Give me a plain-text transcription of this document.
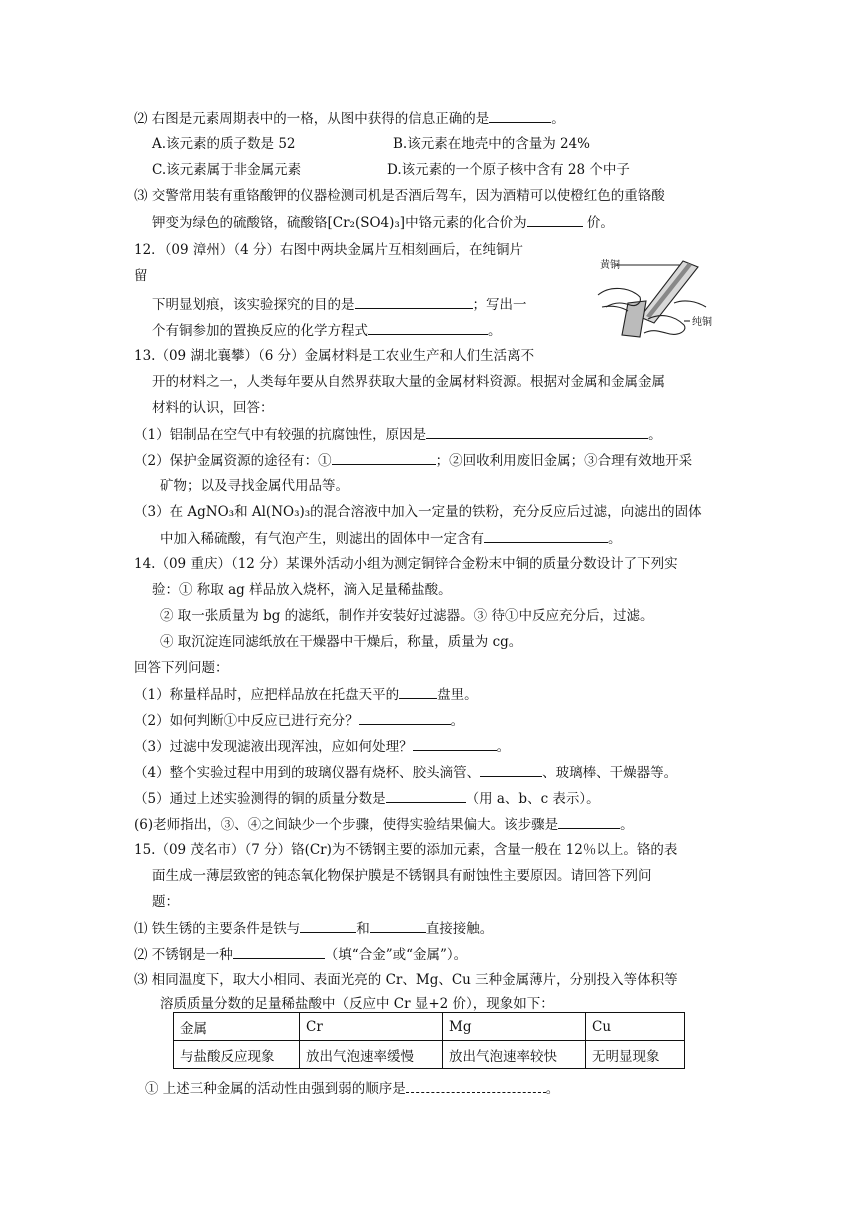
⑵ 右图是元素周期表中的一格，从图中获得的信息正确的是	。
A.该元素的质子数是 52	B.该元素在地壳中的含量为 24%
C.该元素属于非金属元素	D.该元素的一个原子核中含有 28 个中子
⑶ 交警常用装有重铬酸钾的仪器检测司机是否酒后驾车，因为酒精可以使橙红色的重铬酸
钾变为绿色的硫酸铬，硫酸铬[Cr₂(SO4)₃]中铬元素的化合价为	价。
12．（09 漳州）（4 分）右图中两块金属片互相刻画后，在纯铜片
留
下明显划痕，该实验探究的目的是	；写出一
个有铜参加的置换反应的化学方程式	。
黄铜
纯铜
13.（09 湖北襄攀）（6 分）金属材料是工农业生产和人们生活离不
开的材料之一，人类每年要从自然界获取大量的金属材料资源。根据对金属和金属金属
材料的认识，回答：
（1）铝制品在空气中有较强的抗腐蚀性，原因是	。
（2）保护金属资源的途径有：①	；②回收利用废旧金属；③合理有效地开采
矿物；以及寻找金属代用品等。
（3）在 AgNO₃和 Al(NO₃)₃的混合溶液中加入一定量的铁粉，充分反应后过滤，向滤出的固体
中加入稀硫酸，有气泡产生，则滤出的固体中一定含有	。
14.（09 重庆）（12 分）某课外活动小组为测定铜锌合金粉末中铜的质量分数设计了下列实
验：① 称取 ag 样品放入烧杯，滴入足量稀盐酸。
② 取一张质量为 bg 的滤纸，制作并安装好过滤器。③ 待①中反应充分后，过滤。
④ 取沉淀连同滤纸放在干燥器中干燥后，称量，质量为 cg。
回答下列问题：
（1）称量样品时，应把样品放在托盘天平的	盘里。
（2）如何判断①中反应已进行充分？	。
（3）过滤中发现滤液出现浑浊，应如何处理？	。
（4）整个实验过程中用到的玻璃仪器有烧杯、胶头滴管、	、玻璃棒、干燥器等。
（5）通过上述实验测得的铜的质量分数是	（用 a、b、c 表示）。
(6)老师指出，③、④之间缺少一个步骤，使得实验结果偏大。该步骤是	。
15.（09 茂名市）（7 分）铬(Cr)为不锈钢主要的添加元素，含量一般在 12％以上。铬的表
面生成一薄层致密的钝态氧化物保护膜是不锈钢具有耐蚀性主要原因。请回答下列问
题：
⑴ 铁生锈的主要条件是铁与	和	直接接触。
⑵ 不锈钢是一种	（填“合金”或“金属”）。
⑶ 相同温度下，取大小相同、表面光亮的 Cr、Mg、Cu 三种金属薄片，分别投入等体积等
溶质质量分数的足量稀盐酸中（反应中 Cr 显+2 价），现象如下：
金属	Cr	Mg	Cu
与盐酸反应现象	放出气泡速率缓慢	放出气泡速率较快	无明显现象
① 上述三种金属的活动性由强到弱的顺序是	。
